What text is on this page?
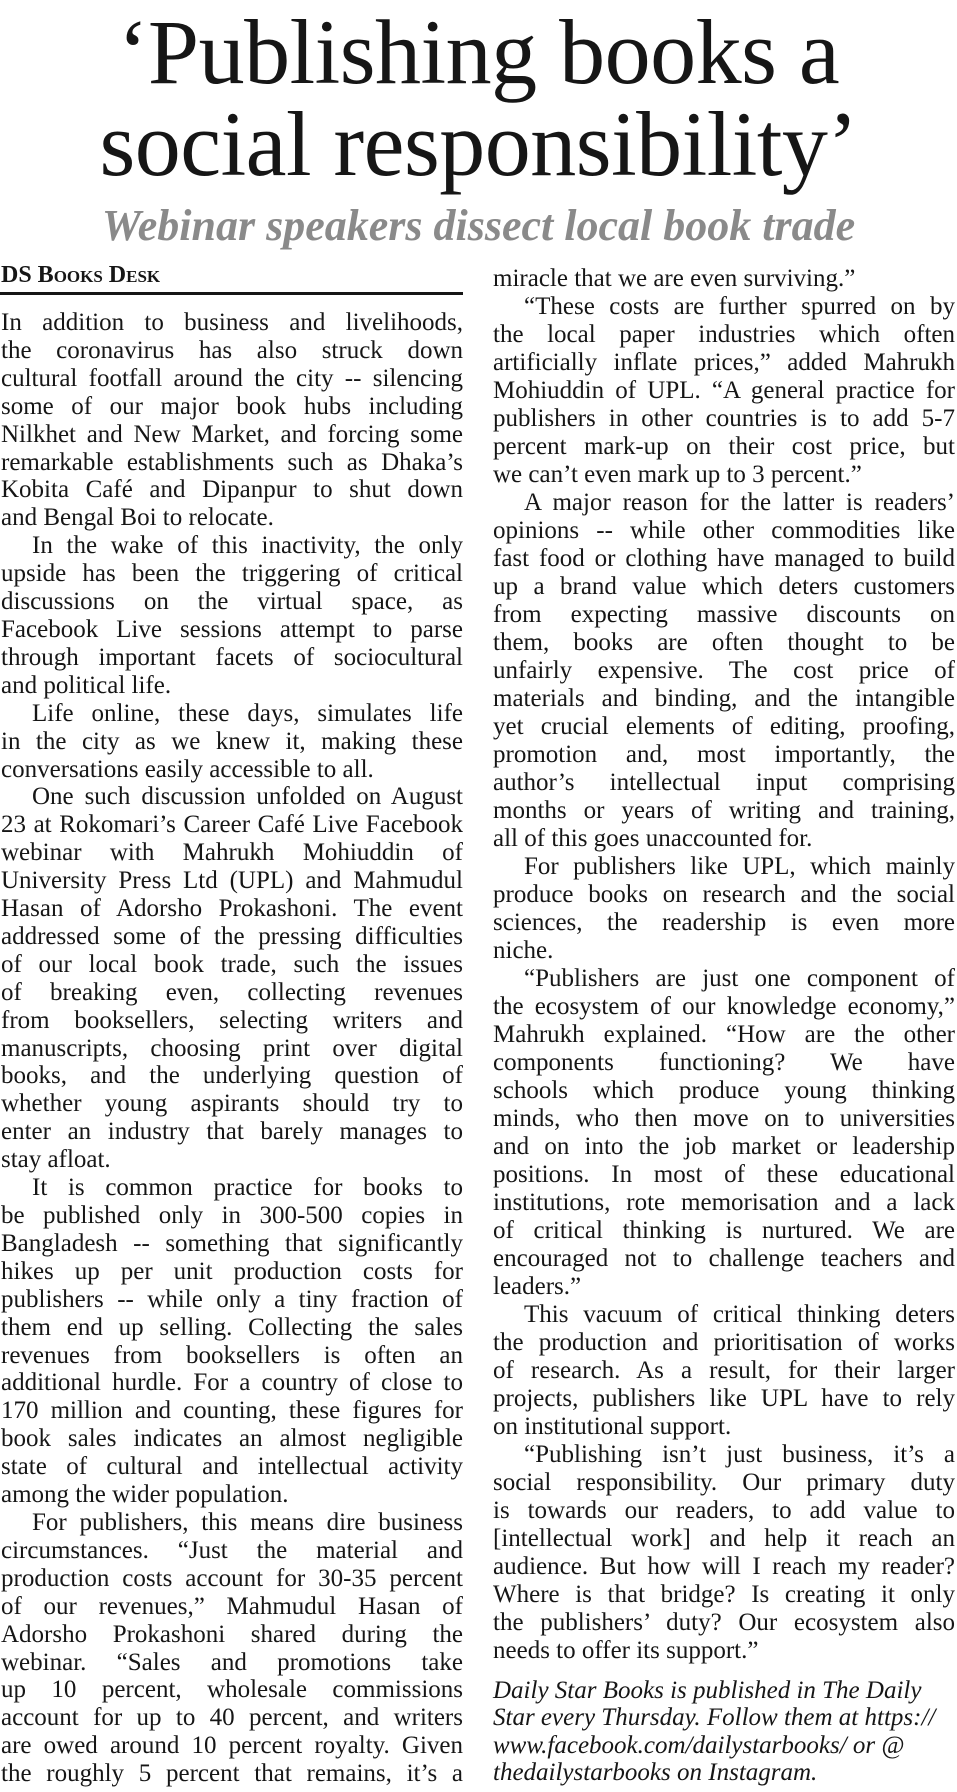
‘Publishing books a
social responsibility’
Webinar speakers dissect local book trade
DS Books Desk
In addition to business and livelihoods,
the coronavirus has also struck down
cultural footfall around the city -- silencing
some of our major book hubs including
Nilkhet and New Market, and forcing some
remarkable establishments such as Dhaka’s
Kobita Café and Dipanpur to shut down
and Bengal Boi to relocate.
In the wake of this inactivity, the only
upside has been the triggering of critical
discussions on the virtual space, as
Facebook Live sessions attempt to parse
through important facets of sociocultural
and political life.
Life online, these days, simulates life
in the city as we knew it, making these
conversations easily accessible to all.
One such discussion unfolded on August
23 at Rokomari’s Career Café Live Facebook
webinar with Mahrukh Mohiuddin of
University Press Ltd (UPL) and Mahmudul
Hasan of Adorsho Prokashoni. The event
addressed some of the pressing difficulties
of our local book trade, such the issues
of breaking even, collecting revenues
from booksellers, selecting writers and
manuscripts, choosing print over digital
books, and the underlying question of
whether young aspirants should try to
enter an industry that barely manages to
stay afloat.
It is common practice for books to
be published only in 300-500 copies in
Bangladesh -- something that significantly
hikes up per unit production costs for
publishers -- while only a tiny fraction of
them end up selling. Collecting the sales
revenues from booksellers is often an
additional hurdle. For a country of close to
170 million and counting, these figures for
book sales indicates an almost negligible
state of cultural and intellectual activity
among the wider population.
For publishers, this means dire business
circumstances. “Just the material and
production costs account for 30-35 percent
of our revenues,” Mahmudul Hasan of
Adorsho Prokashoni shared during the
webinar. “Sales and promotions take
up 10 percent, wholesale commissions
account for up to 40 percent, and writers
are owed around 10 percent royalty. Given
the roughly 5 percent that remains, it’s a
miracle that we are even surviving.”
“These costs are further spurred on by
the local paper industries which often
artificially inflate prices,” added Mahrukh
Mohiuddin of UPL. “A general practice for
publishers in other countries is to add 5-7
percent mark-up on their cost price, but
we can’t even mark up to 3 percent.”
A major reason for the latter is readers’
opinions -- while other commodities like
fast food or clothing have managed to build
up a brand value which deters customers
from expecting massive discounts on
them, books are often thought to be
unfairly expensive. The cost price of
materials and binding, and the intangible
yet crucial elements of editing, proofing,
promotion and, most importantly, the
author’s intellectual input comprising
months or years of writing and training,
all of this goes unaccounted for.
For publishers like UPL, which mainly
produce books on research and the social
sciences, the readership is even more
niche.
“Publishers are just one component of
the ecosystem of our knowledge economy,”
Mahrukh explained. “How are the other
components functioning? We have
schools which produce young thinking
minds, who then move on to universities
and on into the job market or leadership
positions. In most of these educational
institutions, rote memorisation and a lack
of critical thinking is nurtured. We are
encouraged not to challenge teachers and
leaders.”
This vacuum of critical thinking deters
the production and prioritisation of works
of research. As a result, for their larger
projects, publishers like UPL have to rely
on institutional support.
“Publishing isn’t just business, it’s a
social responsibility. Our primary duty
is towards our readers, to add value to
[intellectual work] and help it reach an
audience. But how will I reach my reader?
Where is that bridge? Is creating it only
the publishers’ duty? Our ecosystem also
needs to offer its support.”
Daily Star Books is published in The Daily
Star every Thursday. Follow them at https://
www.facebook.com/dailystarbooks/ or @
thedailystarbooks on Instagram.
